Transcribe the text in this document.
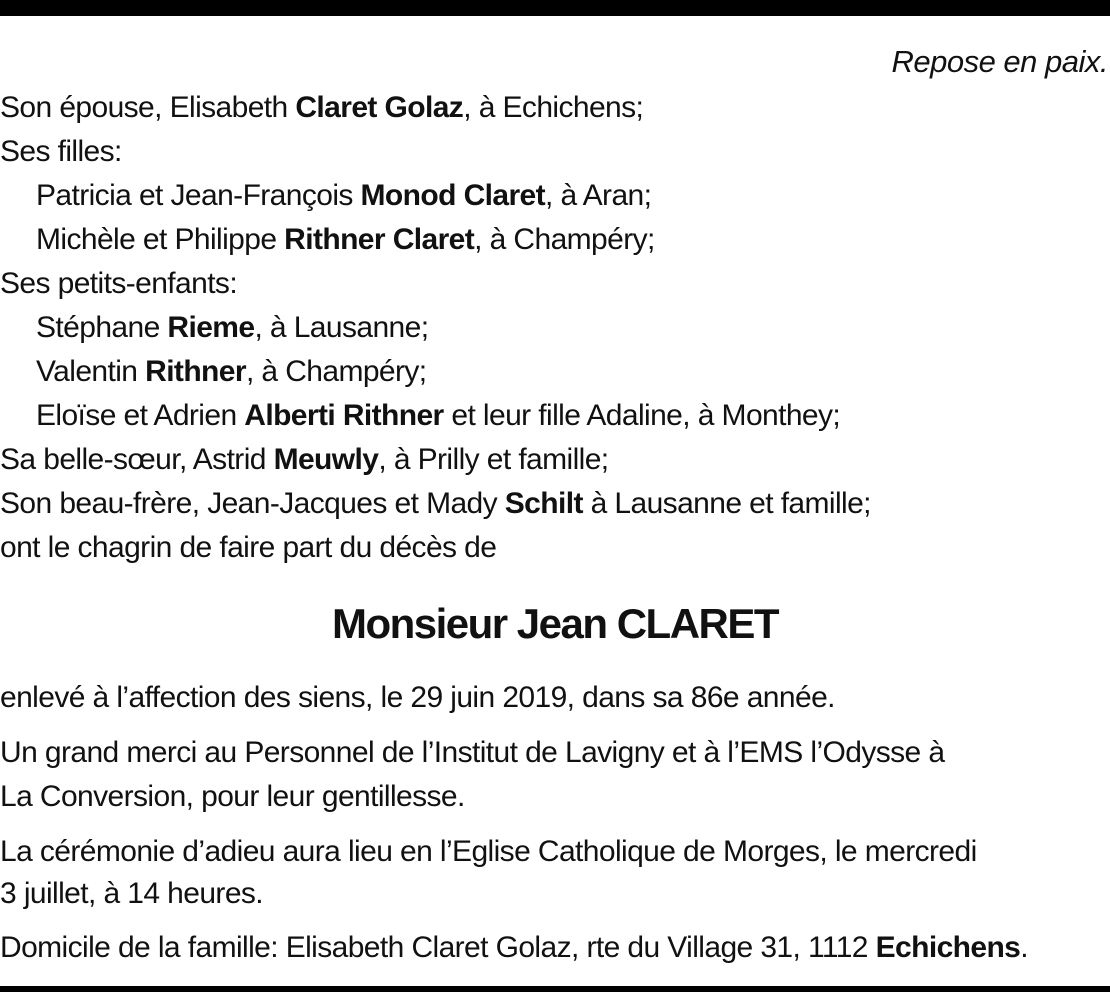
Repose en paix.
Son épouse, Elisabeth Claret Golaz, à Echichens;
Ses filles:
Patricia et Jean-François Monod Claret, à Aran;
Michèle et Philippe Rithner Claret, à Champéry;
Ses petits-enfants:
Stéphane Rieme, à Lausanne;
Valentin Rithner, à Champéry;
Eloïse et Adrien Alberti Rithner et leur fille Adaline, à Monthey;
Sa belle-sœur, Astrid Meuwly, à Prilly et famille;
Son beau-frère, Jean-Jacques et Mady Schilt à Lausanne et famille;
ont le chagrin de faire part du décès de
Monsieur Jean CLARET
enlevé à l’affection des siens, le 29 juin 2019, dans sa 86e année.
Un grand merci au Personnel de l’Institut de Lavigny et à l’EMS l’Odysse à
La Conversion, pour leur gentillesse.
La cérémonie d’adieu aura lieu en l’Eglise Catholique de Morges, le mercredi
3 juillet, à 14 heures.
Domicile de la famille: Elisabeth Claret Golaz, rte du Village 31, 1112 Echichens.
